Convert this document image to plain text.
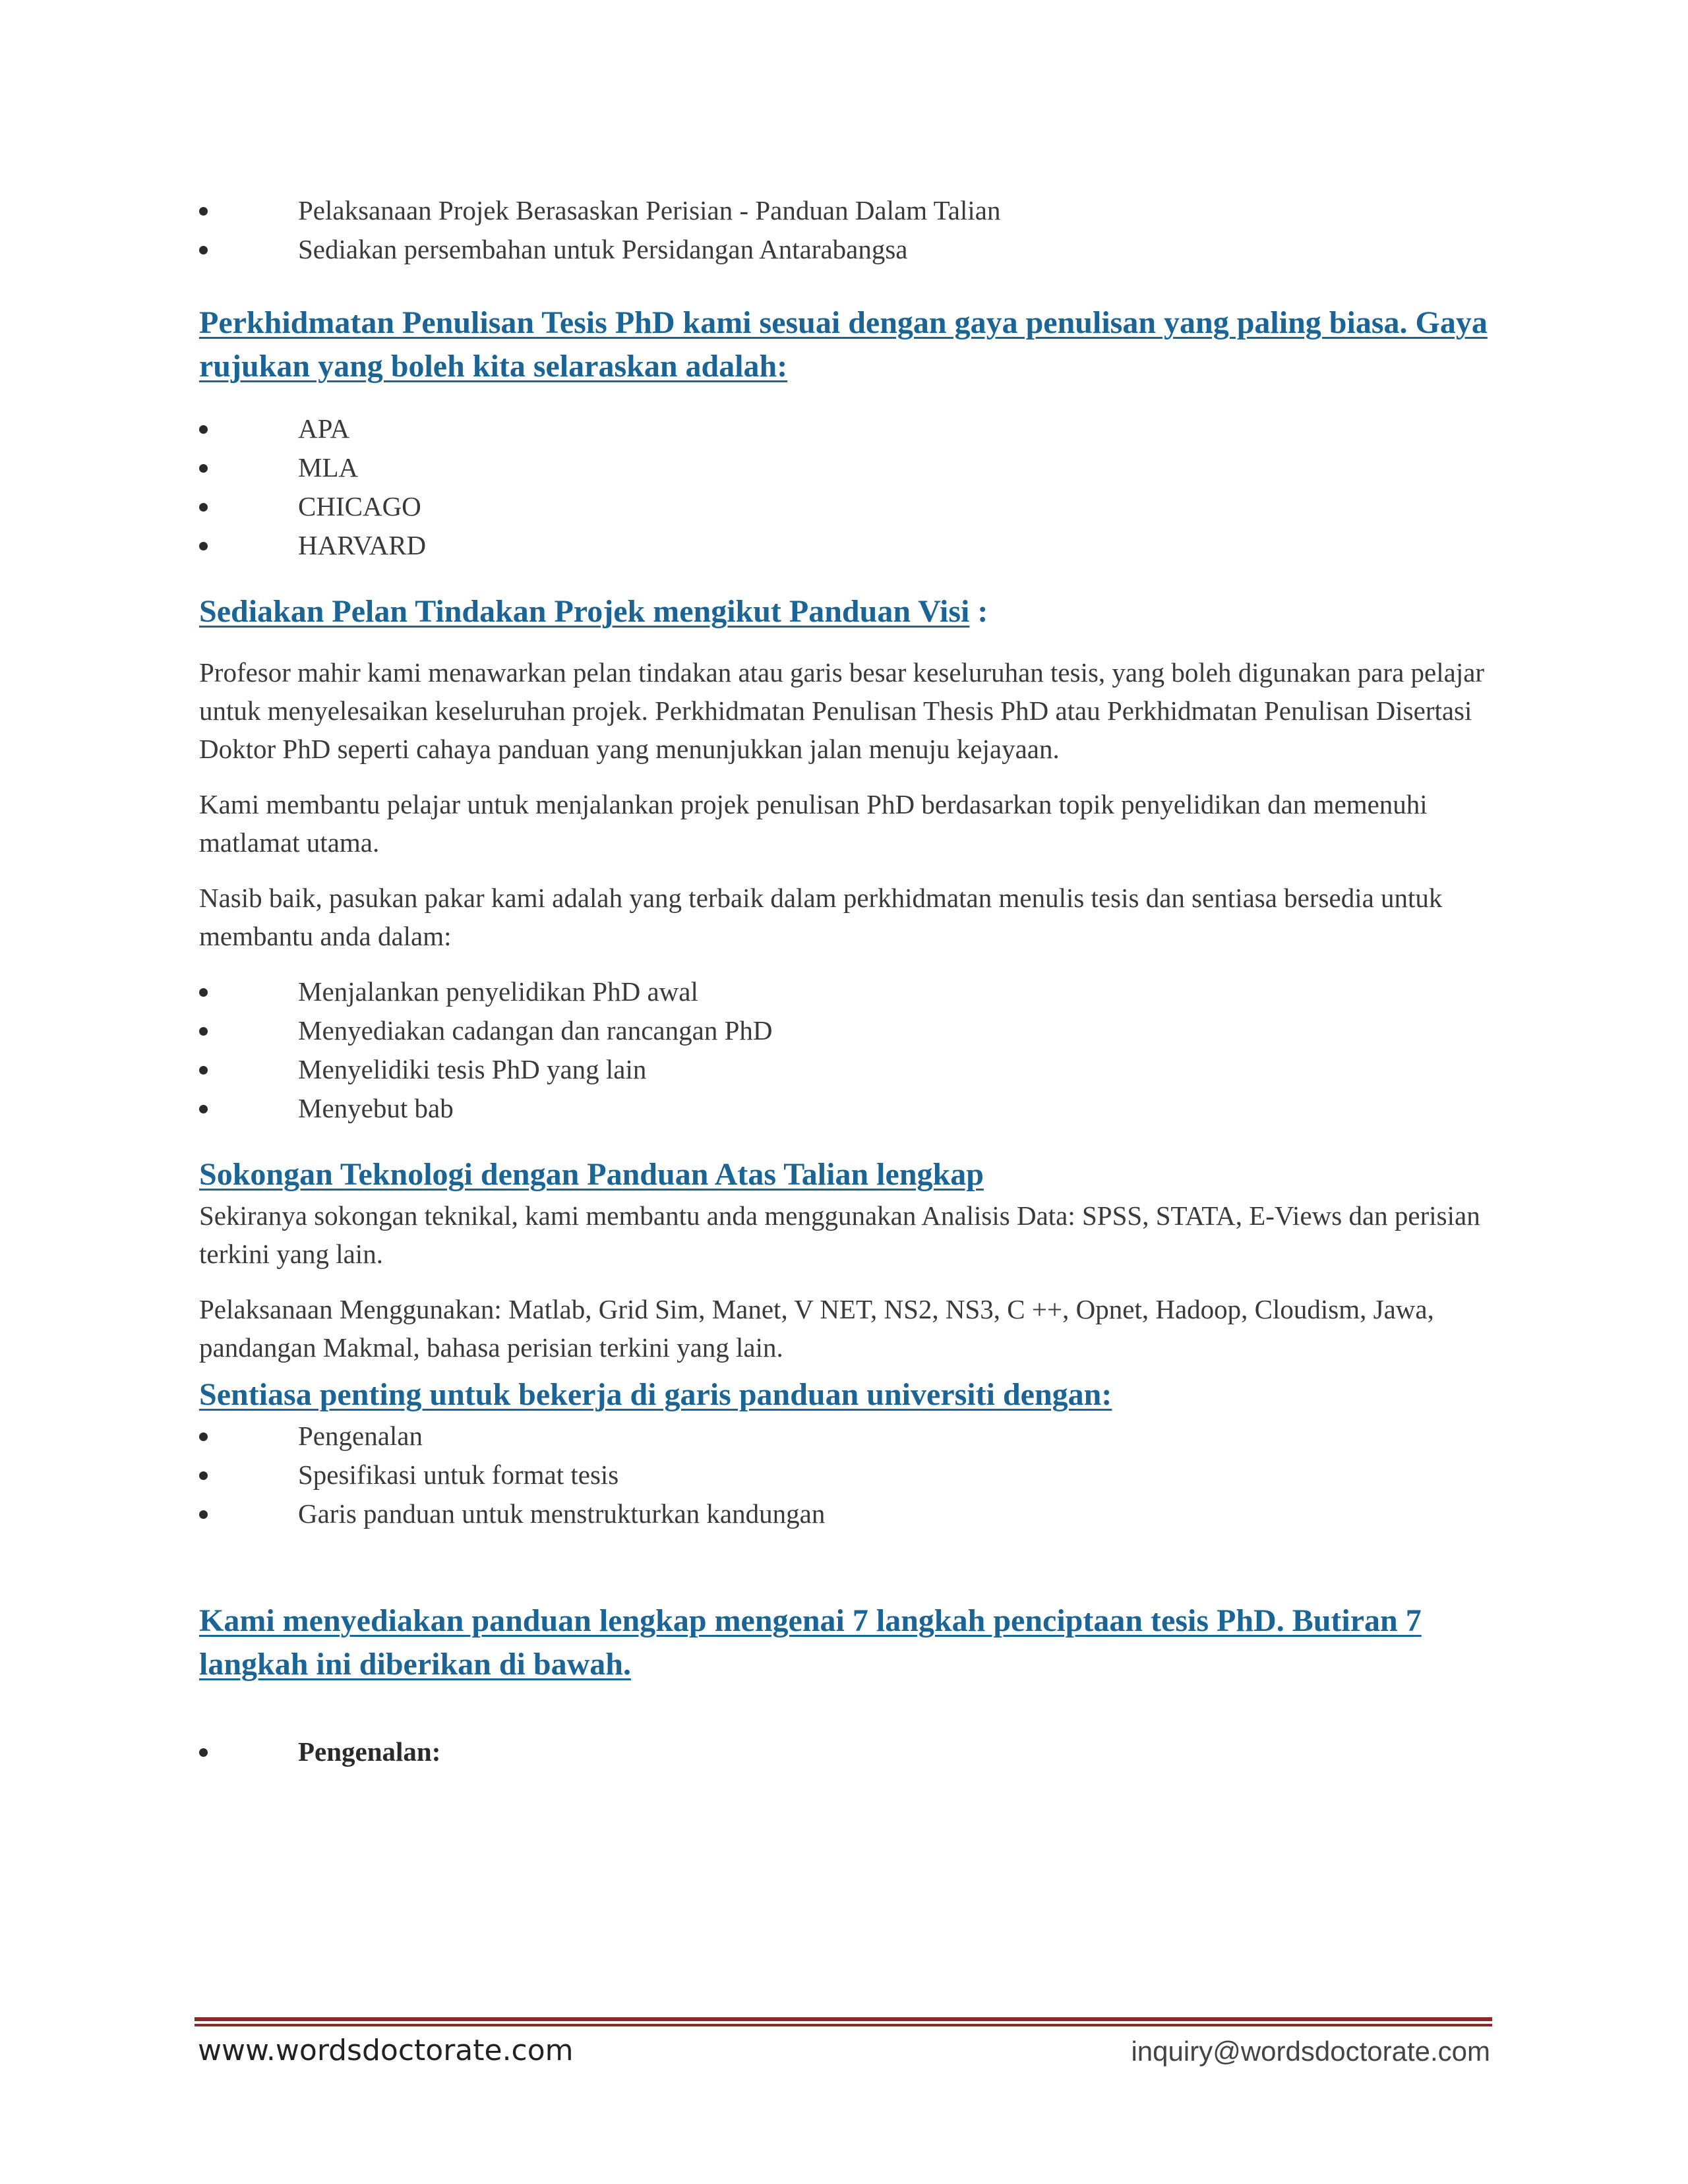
Pelaksanaan Projek Berasaskan Perisian - Panduan Dalam Talian
Sediakan persembahan untuk Persidangan Antarabangsa
Perkhidmatan Penulisan Tesis PhD kami sesuai dengan gaya penulisan yang paling biasa. Gaya rujukan yang boleh kita selaraskan adalah:
APA
MLA
CHICAGO
HARVARD
Sediakan Pelan Tindakan Projek mengikut Panduan Visi :

Profesor mahir kami menawarkan pelan tindakan atau garis besar keseluruhan tesis, yang boleh digunakan para pelajar untuk menyelesaikan keseluruhan projek. Perkhidmatan Penulisan Thesis PhD atau Perkhidmatan Penulisan Disertasi Doktor PhD seperti cahaya panduan yang menunjukkan jalan menuju kejayaan.

Kami membantu pelajar untuk menjalankan projek penulisan PhD berdasarkan topik penyelidikan dan memenuhi matlamat utama.

Nasib baik, pasukan pakar kami adalah yang terbaik dalam perkhidmatan menulis tesis dan sentiasa bersedia untuk membantu anda dalam:

Menjalankan penyelidikan PhD awal
Menyediakan cadangan dan rancangan PhD
Menyelidiki tesis PhD yang lain
Menyebut bab
Sokongan Teknologi dengan Panduan Atas Talian lengkap

Sekiranya sokongan teknikal, kami membantu anda menggunakan Analisis Data: SPSS, STATA, E-Views dan perisian terkini yang lain.

Pelaksanaan Menggunakan: Matlab, Grid Sim, Manet, V NET, NS2, NS3, C ++, Opnet, Hadoop, Cloudism, Jawa, pandangan Makmal, bahasa perisian terkini yang lain.

Sentiasa penting untuk bekerja di garis panduan universiti dengan:
Pengenalan
Spesifikasi untuk format tesis
Garis panduan untuk menstrukturkan kandungan
Kami menyediakan panduan lengkap mengenai 7 langkah penciptaan tesis PhD. Butiran 7 langkah ini diberikan di bawah.
Pengenalan:
www.wordsdoctorate.com	inquiry@wordsdoctorate.com
